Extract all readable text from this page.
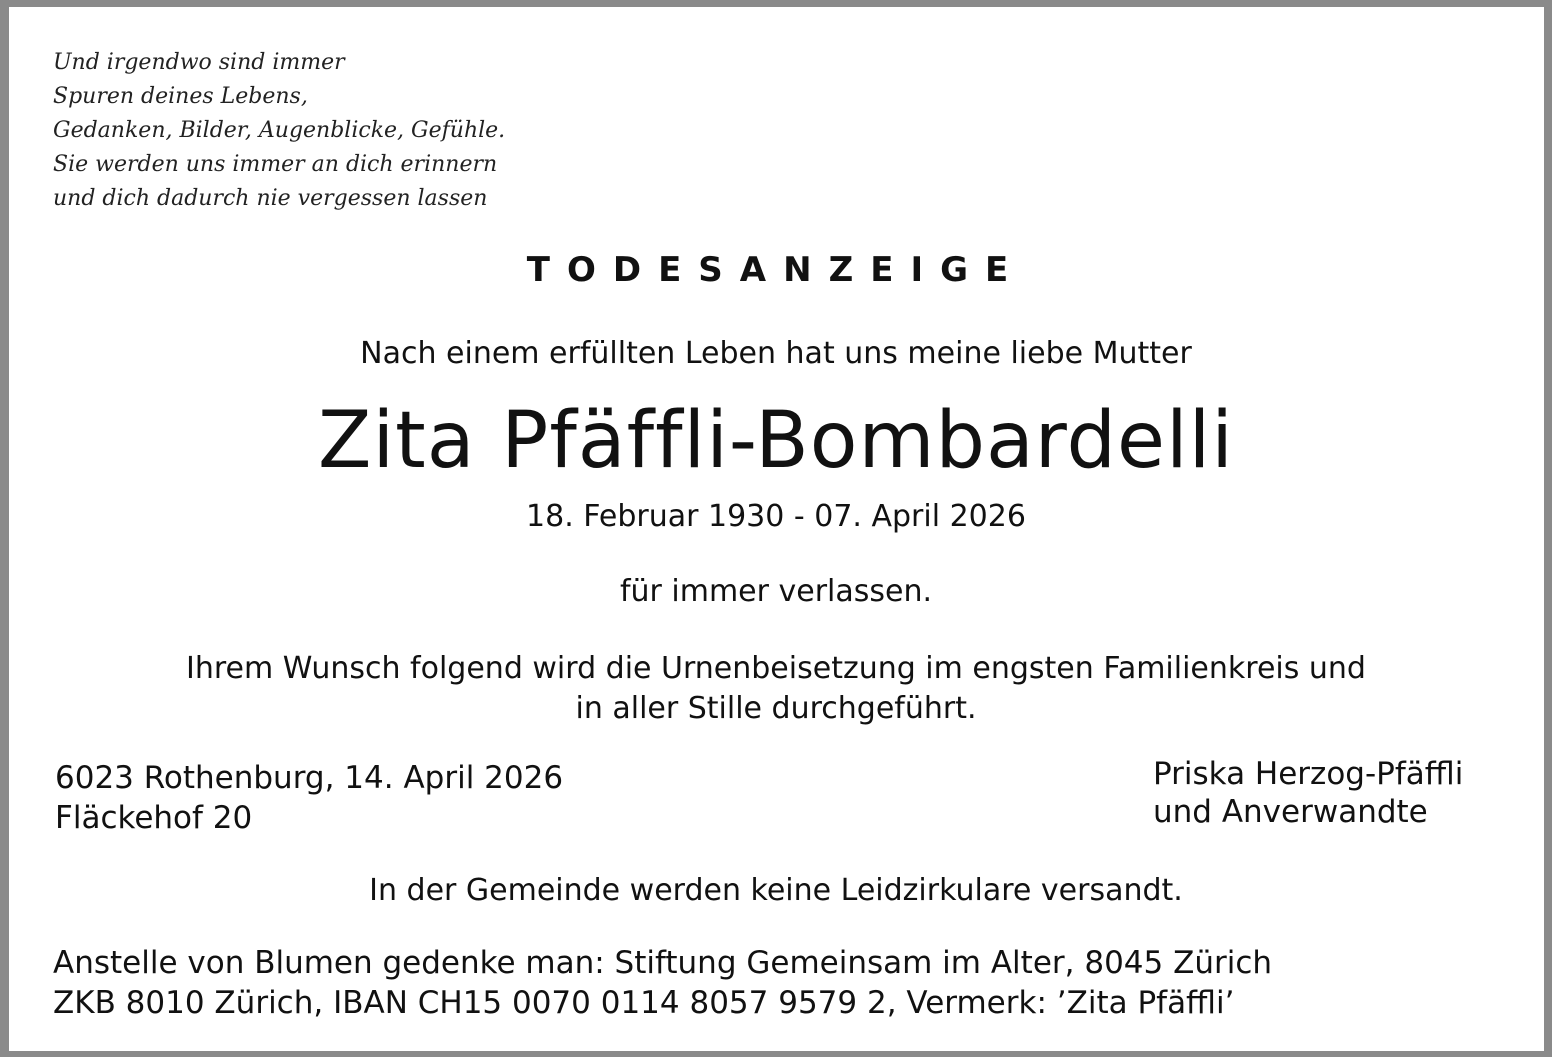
Und irgendwo sind immer
Spuren deines Lebens,
Gedanken, Bilder, Augenblicke, Gefühle.
Sie werden uns immer an dich erinnern
und dich dadurch nie vergessen lassen
TODESANZEIGE
Nach einem erfüllten Leben hat uns meine liebe Mutter
Zita Pfäffli-Bombardelli
18. Februar 1930 - 07. April 2026
für immer verlassen.
Ihrem Wunsch folgend wird die Urnenbeisetzung im engsten Familienkreis und
in aller Stille durchgeführt.
6023 Rothenburg, 14. April 2026
Fläckehof 20
Priska Herzog-Pfäffli
und Anverwandte
In der Gemeinde werden keine Leidzirkulare versandt.
Anstelle von Blumen gedenke man: Stiftung Gemeinsam im Alter, 8045 Zürich
ZKB 8010 Zürich, IBAN CH15 0070 0114 8057 9579 2, Vermerk: ’Zita Pfäffli’
